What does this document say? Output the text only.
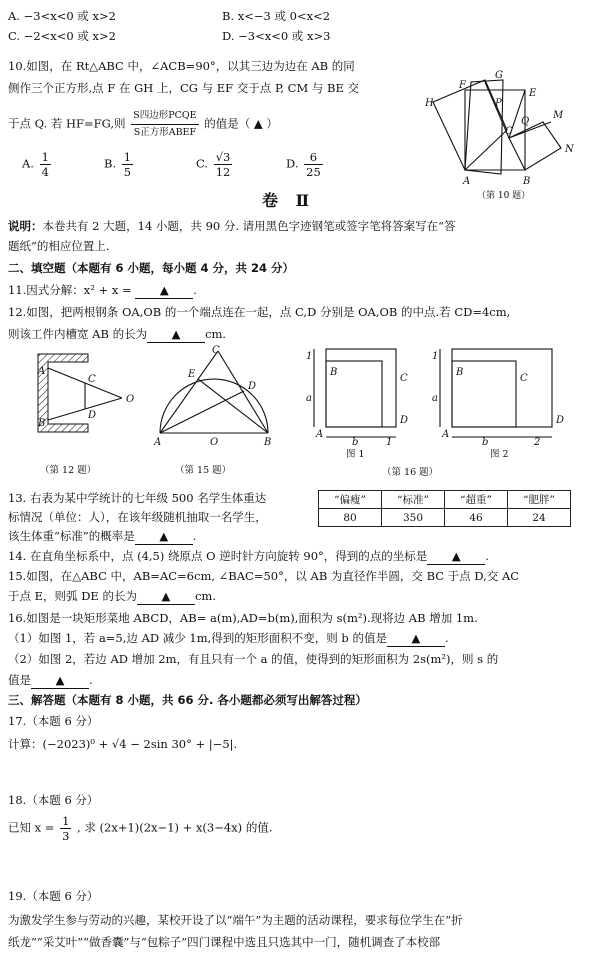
A. −3<x<0 或 x>2	B. x<−3 或 0<x<2
C. −2<x<0 或 x>2	D. −3<x<0 或 x>3
10.如图，在 Rt△ABC 中，∠ACB=90°，以其三边为边在 AB 的同
侧作三个正方形,点 F 在 GH 上，CG 与 EF 交于点 P, CM 与 BE 交
于点 Q. 若 HF=FG,则 $\frac{\text{S四边形PCQE}}{\text{S正方形ABEF}}$ 的值是（ ▲ ）
A. $\frac{1}{4}$	B. $\frac{1}{5}$	C. $\frac{√3}{12}$	D. $\frac{6}{25}$
H
F
G
P
E
C
Q
M
N
A	B
（第 10 题）
卷 Ⅱ
说明：本卷共有 2 大题，14 小题，共 90 分. 请用黑色字迹钢笔或签字笔将答案写在“答
题纸”的相应位置上.
二、填空题（本题有 6 小题，每小题 4 分，共 24 分）
11.因式分解：x² + x = ▲ .
12.如图，把两根钢条 OA,OB 的一个端点连在一起，点 C,D 分别是 OA,OB 的中点.若 CD=4cm,
则该工件内槽宽 AB 的长为 ▲ cm.
A
B
C
D
O
（第 12 题）
C
E
D
A	O	B
（第 15 题）
B
C
D
A
1
a
b	1
图 1
B
C
D
A
1
a
b	2
图 2
（第 16 题）
13. 右表为某中学统计的七年级 500 名学生体重达
标情况（单位：人），在该年级随机抽取一名学生，
该生体重“标准”的概率是 ▲ .
“偏瘦”	“标准”	“超重”	“肥胖”
80	350	46	24
14. 在直角坐标系中，点 (4,5) 绕原点 O 逆时针方向旋转 90°，得到的点的坐标是 ▲ .
15.如图，在△ABC 中，AB=AC=6cm, ∠BAC=50°，以 AB 为直径作半圆，交 BC 于点 D,交 AC
于点 E，则弧 DE 的长为 ▲ cm.
16.如图是一块矩形菜地 ABCD，AB= a(m),AD=b(m),面积为 s(m²).现将边 AB 增加 1m.
（1）如图 1，若 a=5,边 AD 减少 1m,得到的矩形面积不变，则 b 的值是 ▲ .
（2）如图 2，若边 AD 增加 2m，有且只有一个 a 的值，使得到的矩形面积为 2s(m²)，则 s 的
值是 ▲ .
三、解答题（本题有 8 小题，共 66 分. 各小题都必须写出解答过程）
17.（本题 6 分）
计算：(−2023)⁰ + √4 − 2sin 30° + |−5|.
18.（本题 6 分）
已知 $x = \frac{1}{3}$ , 求 (2x+1)(2x−1) + x(3−4x) 的值.
19.（本题 6 分）
为激发学生参与劳动的兴趣，某校开设了以“端午”为主题的活动课程，要求每位学生在“折
纸龙”“采艾叶”“做香囊”与“包粽子”四门课程中选且只选其中一门，随机调查了本校部
